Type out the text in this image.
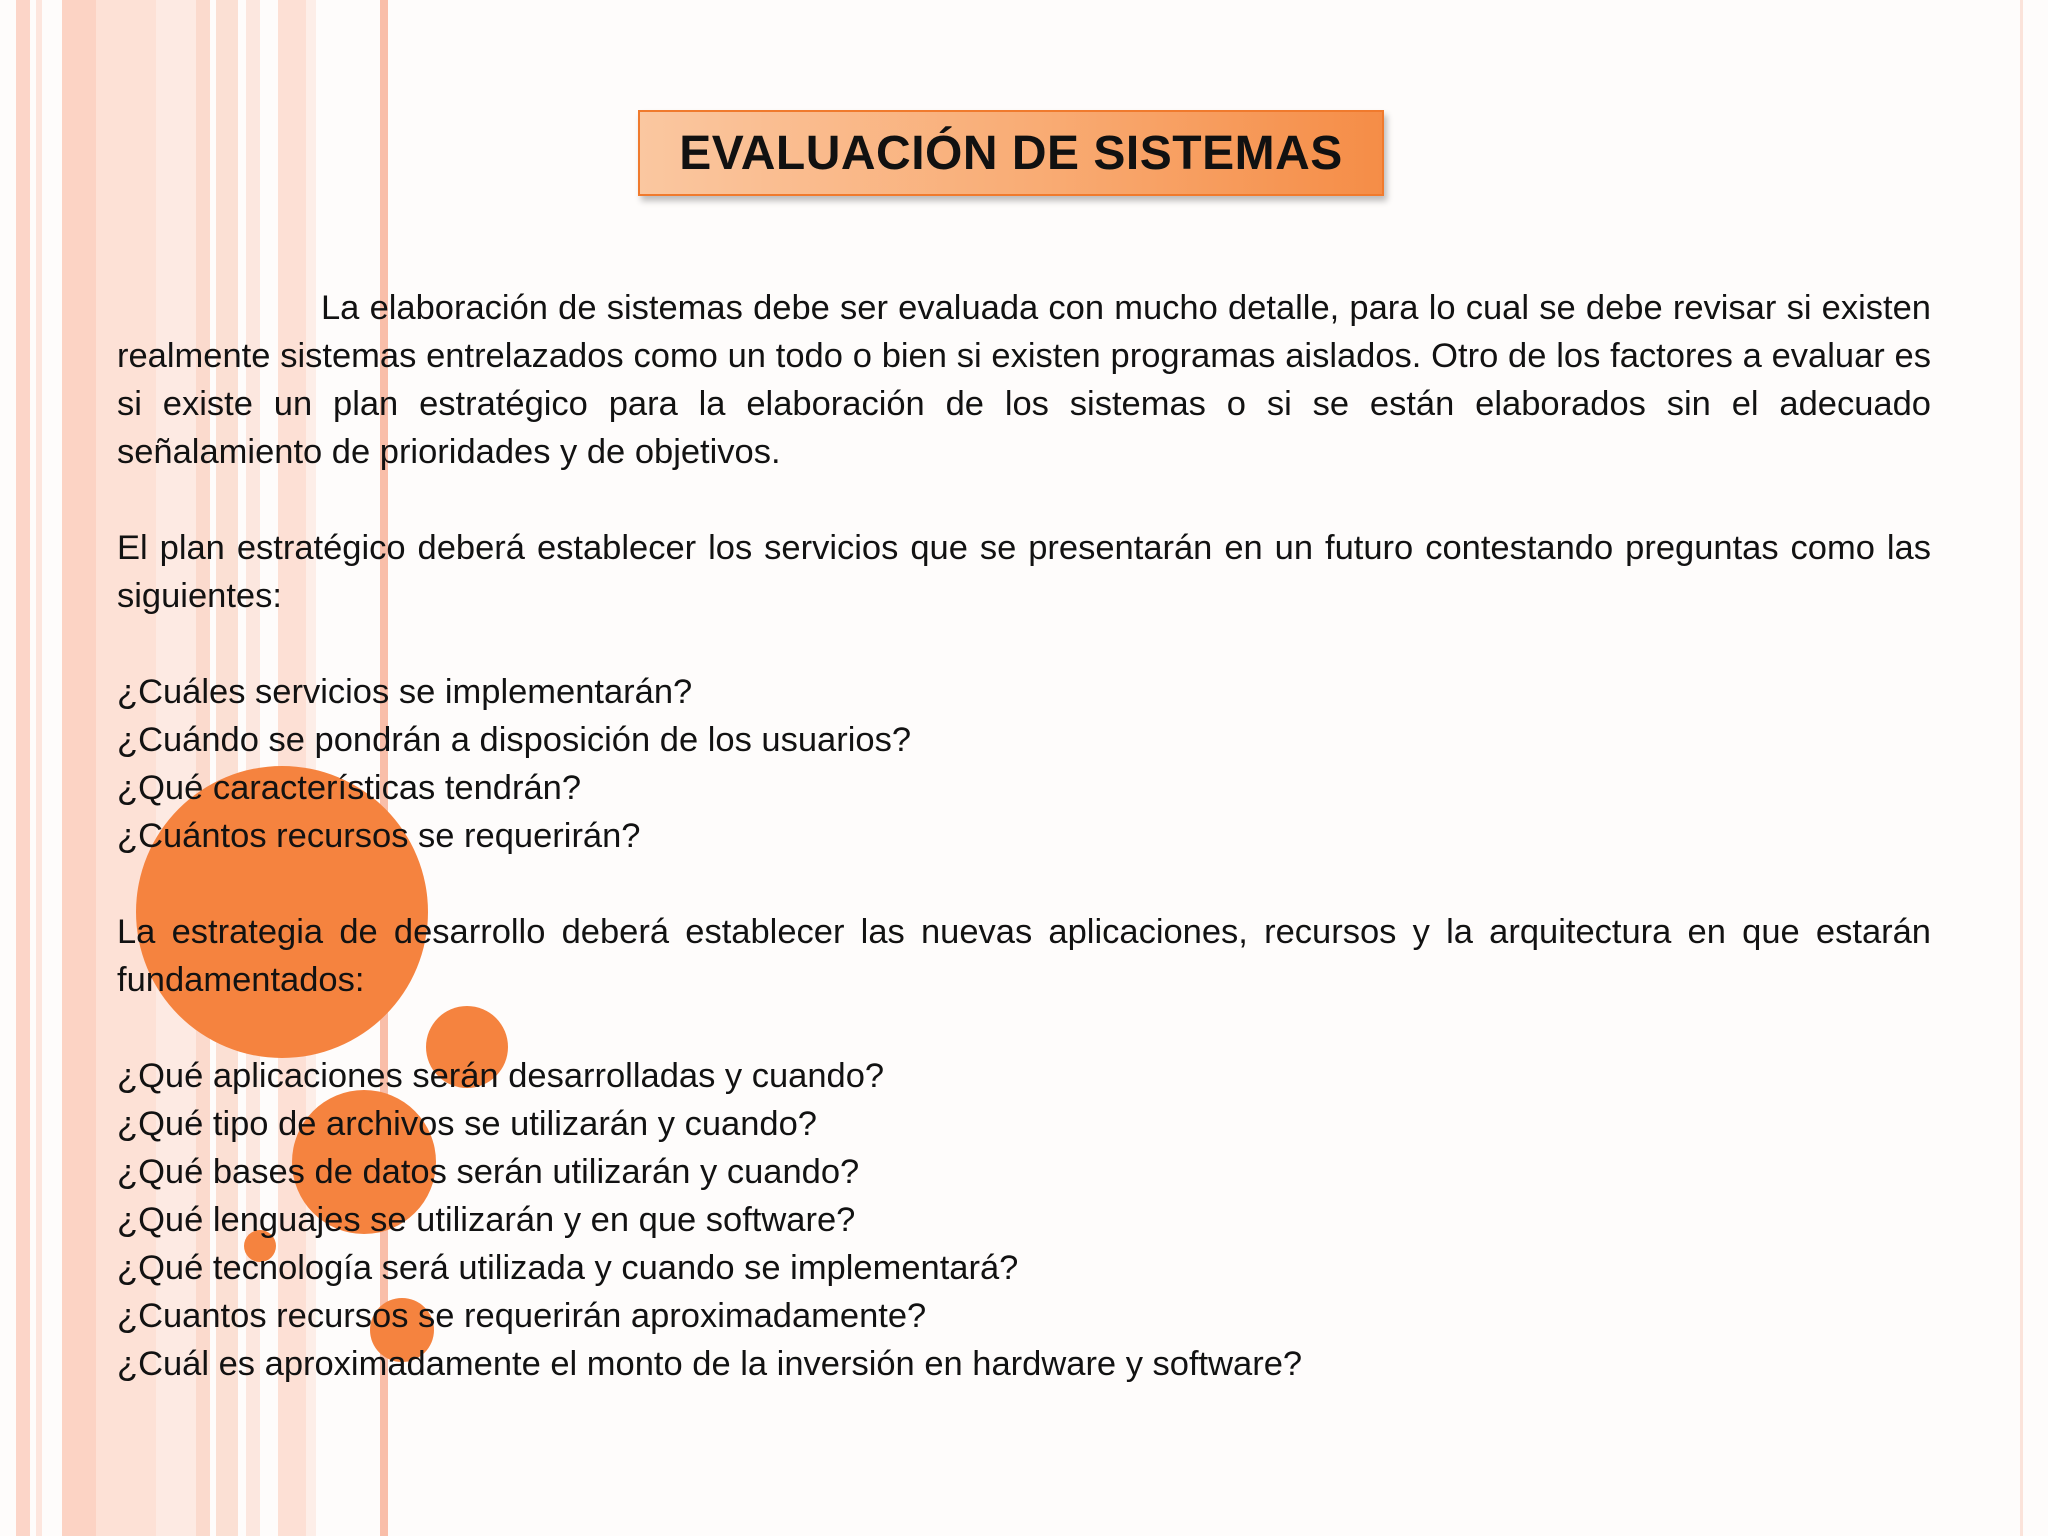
EVALUACIÓN DE SISTEMAS

La elaboración de sistemas debe ser evaluada con mucho detalle, para lo cual se debe revisar si existen realmente sistemas entrelazados como un todo o bien si existen programas aislados. Otro de los factores a evaluar es si existe un plan estratégico para la elaboración de los sistemas o si se están elaborados sin el adecuado señalamiento de prioridades y de objetivos.

El plan estratégico deberá establecer los servicios que se presentarán en un futuro contestando preguntas como las siguientes:

¿Cuáles servicios se implementarán?
¿Cuándo se pondrán a disposición de los usuarios?
¿Qué características tendrán?
¿Cuántos recursos se requerirán?

La estrategia de desarrollo deberá establecer las nuevas aplicaciones, recursos y la arquitectura en que estarán fundamentados:

¿Qué aplicaciones serán desarrolladas y cuando?
¿Qué tipo de archivos se utilizarán y cuando?
¿Qué bases de datos serán utilizarán y cuando?
¿Qué lenguajes se utilizarán y en que software?
¿Qué tecnología será utilizada y cuando se implementará?
¿Cuantos recursos se requerirán aproximadamente?
¿Cuál es aproximadamente el monto de la inversión en hardware y software?
